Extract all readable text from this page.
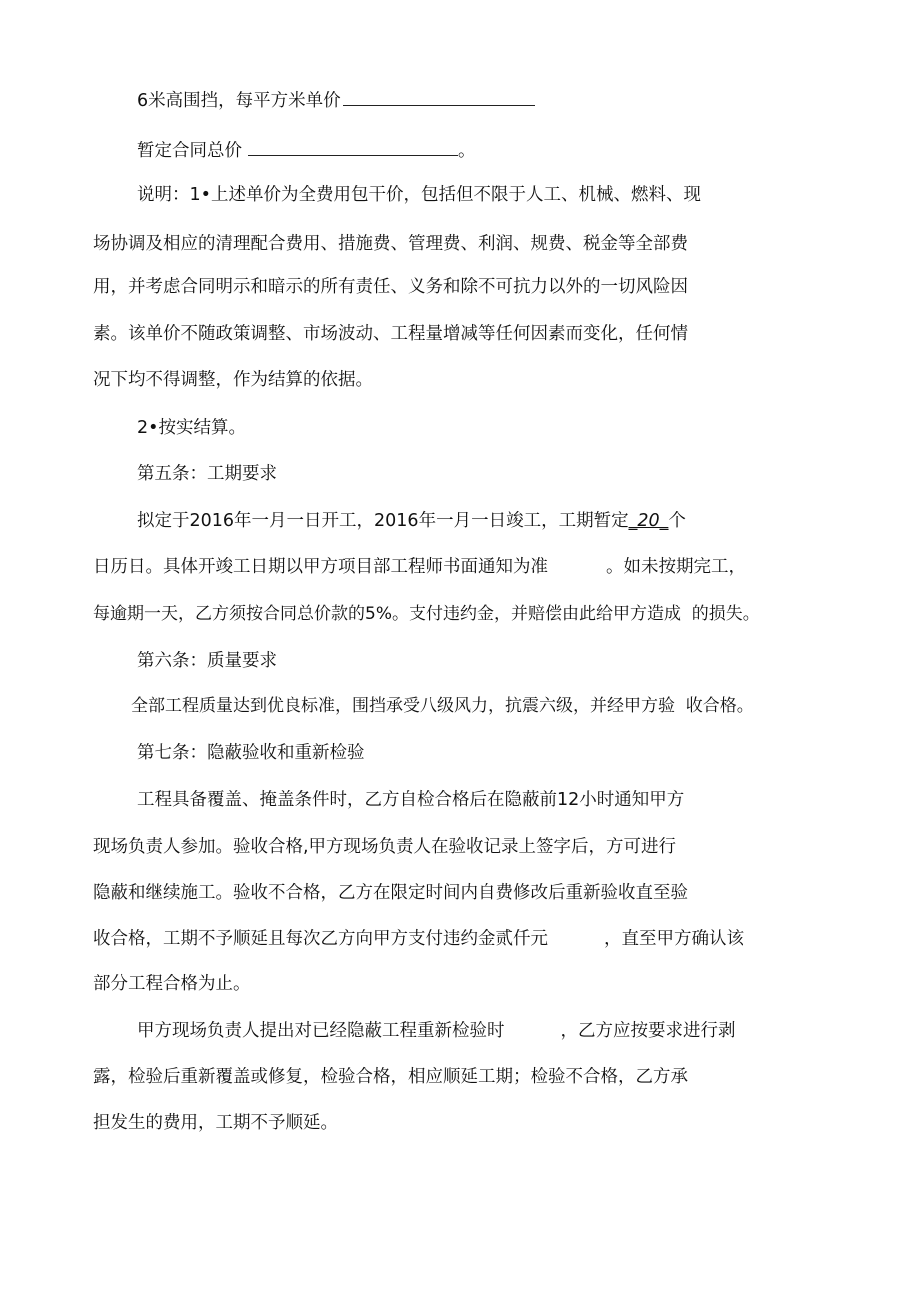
6米高围挡，每平方米单价

暂定合同总价	。

说明：1•上述单价为全费用包干价，包括但不限于人工、机械、燃料、现

场协调及相应的清理配合费用、措施费、管理费、利润、规费、税金等全部费

用，并考虑合同明示和暗示的所有责任、义务和除不可抗力以外的一切风险因

素。该单价不随政策调整、市场波动、工程量增减等任何因素而变化，任何情

况下均不得调整，作为结算的依据。

2•按实结算。

第五条：工期要求

拟定于2016年一月一日开工，2016年一月一日竣工，工期暂定_20_个

日历日。具体开竣工日期以甲方项目部工程师书面通知为准	。如未按期完工，

每逾期一天，乙方须按合同总价款的5%。支付违约金，并赔偿由此给甲方造成  的损失。

第六条：质量要求

全部工程质量达到优良标准，围挡承受八级风力，抗震六级，并经甲方验  收合格。

第七条：隐蔽验收和重新检验

工程具备覆盖、掩盖条件时，乙方自检合格后在隐蔽前12小时通知甲方

现场负责人参加。验收合格,甲方现场负责人在验收记录上签字后，方可进行

隐蔽和继续施工。验收不合格，乙方在限定时间内自费修改后重新验收直至验

收合格，工期不予顺延且每次乙方向甲方支付违约金贰仟元	，直至甲方确认该

部分工程合格为止。

甲方现场负责人提出对已经隐蔽工程重新检验时	，乙方应按要求进行剥

露，检验后重新覆盖或修复，检验合格，相应顺延工期；检验不合格，乙方承

担发生的费用，工期不予顺延。
